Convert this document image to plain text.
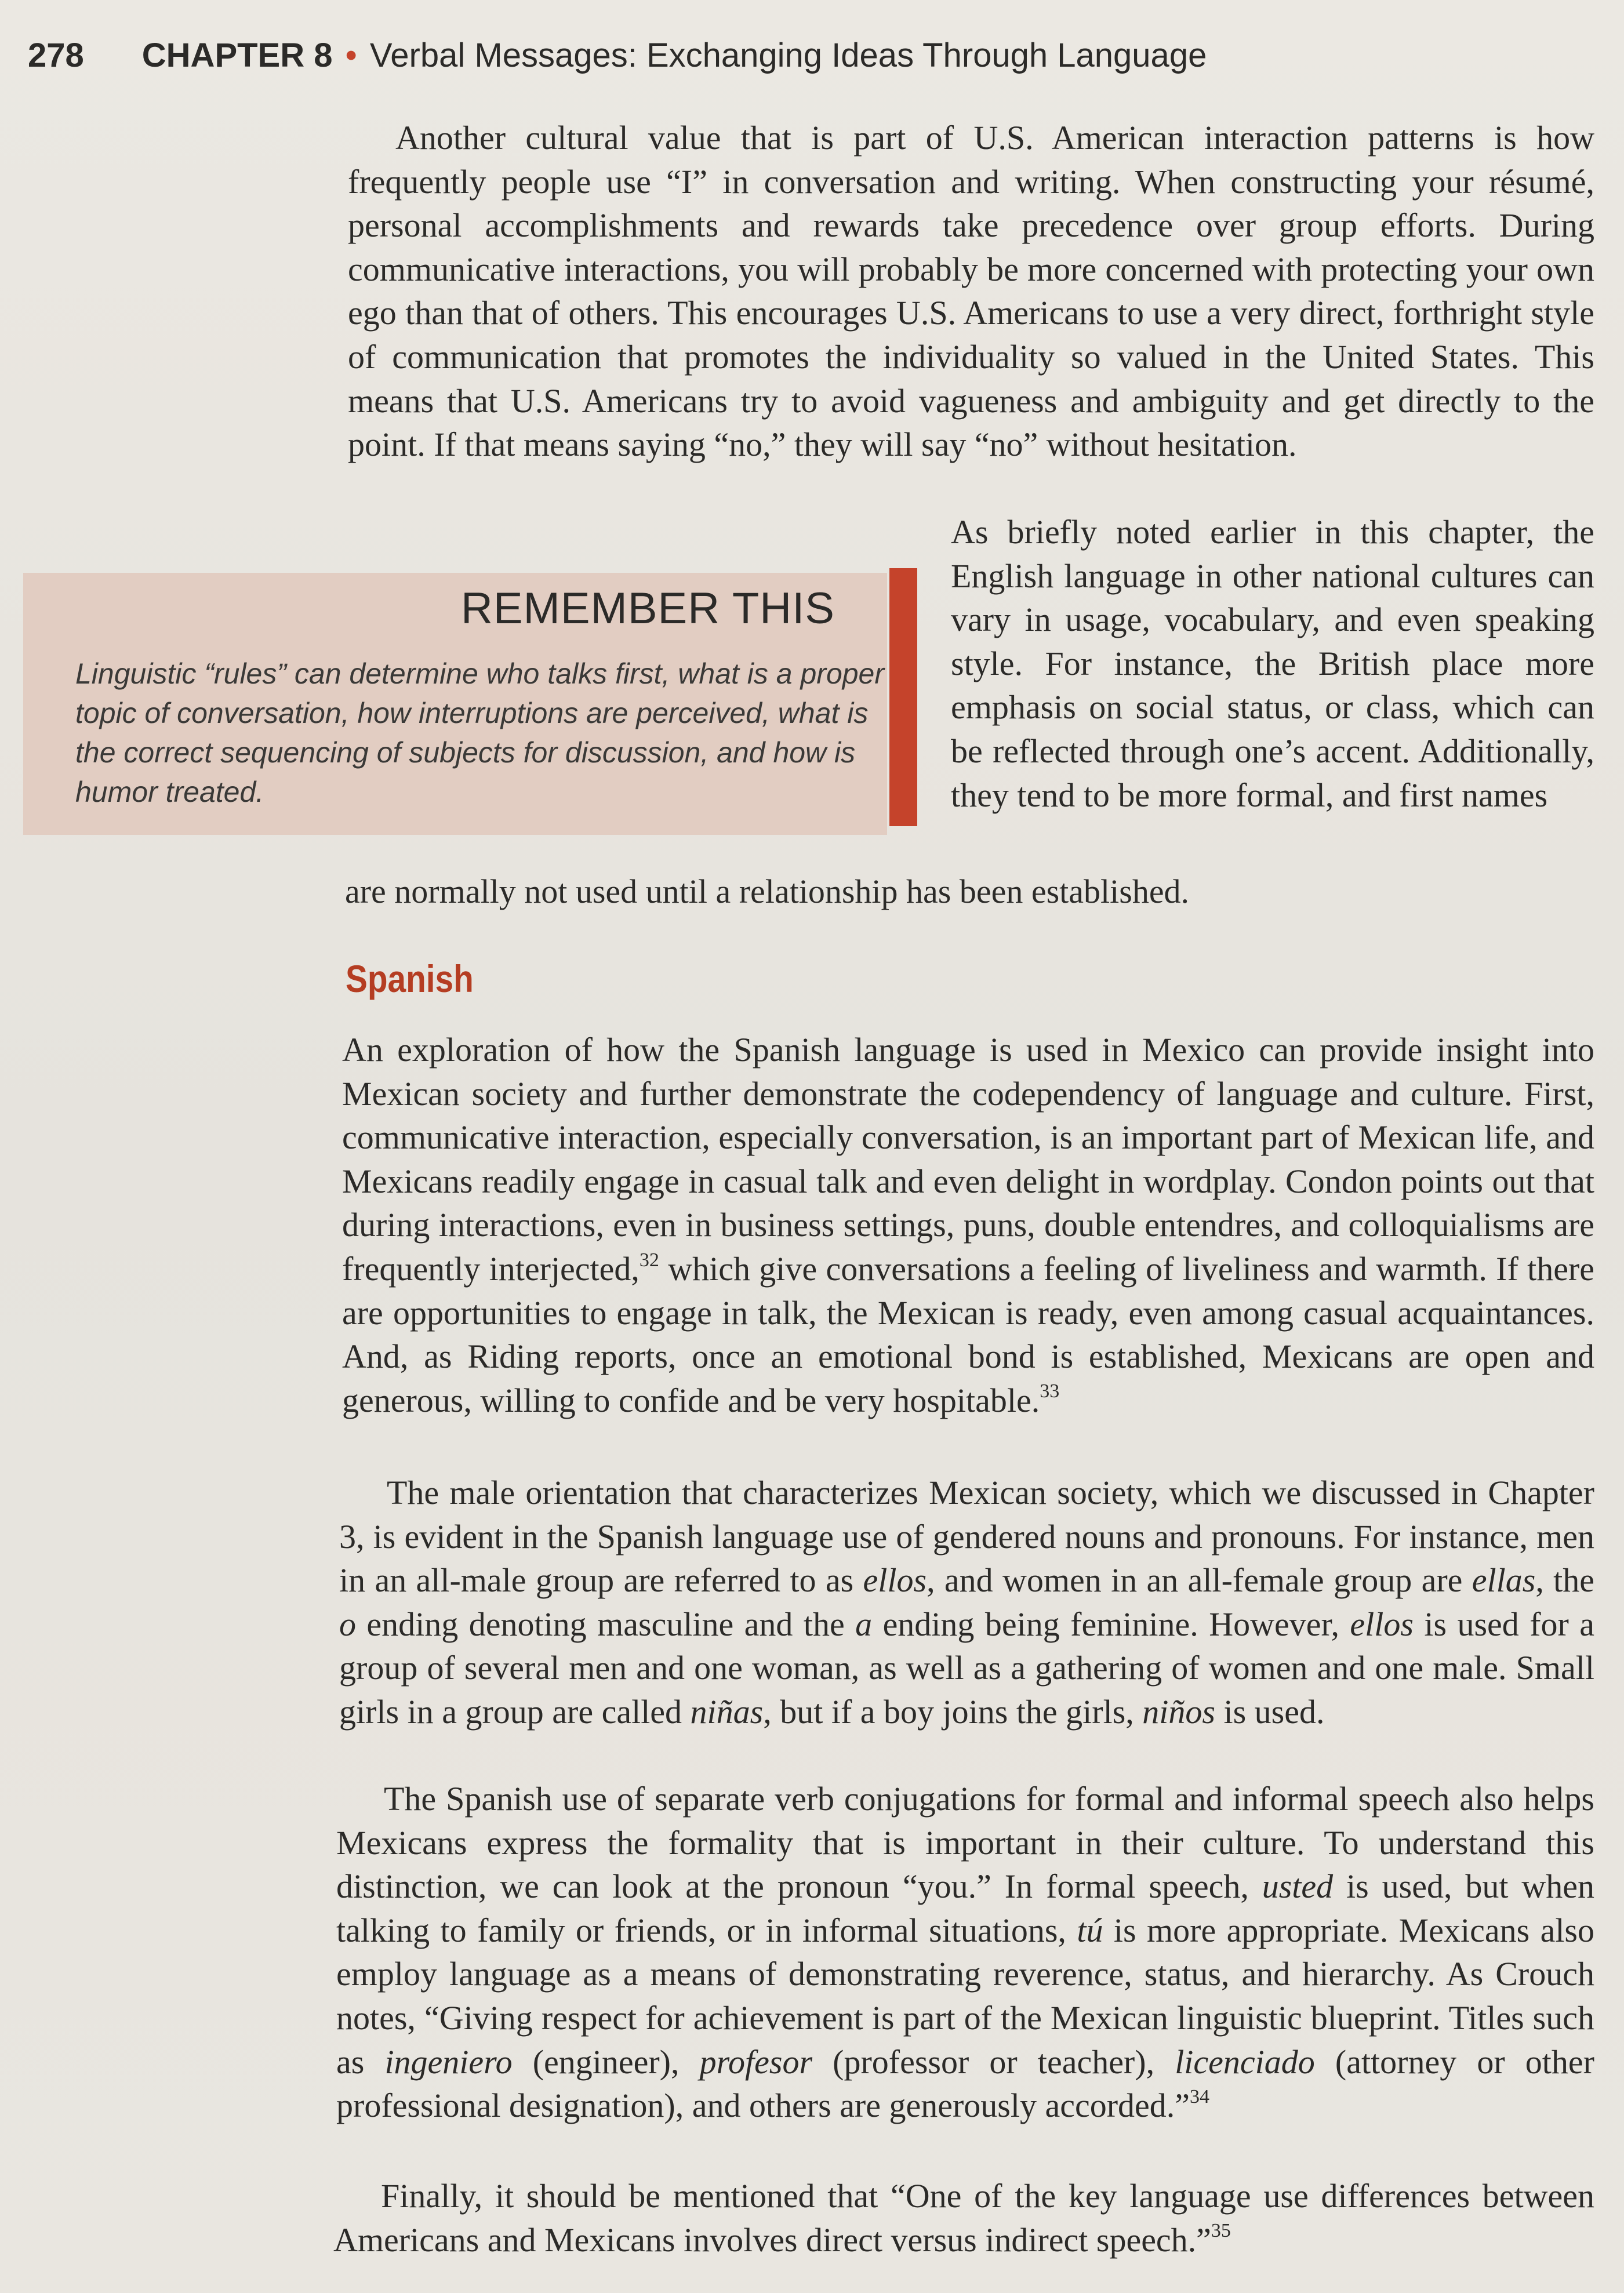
278 CHAPTER 8 • Verbal Messages: Exchanging Ideas Through Language

Another cultural value that is part of U.S. American interaction patterns is how frequently people use “I” in conversation and writing. When constructing your résumé, personal accomplishments and rewards take precedence over group efforts. During communicative interactions, you will probably be more concerned with protecting your own ego than that of others. This encourages U.S. Americans to use a very direct, forthright style of communication that promotes the individuality so valued in the United States. This means that U.S. Americans try to avoid vagueness and ambiguity and get directly to the point. If that means saying “no,” they will say “no” without hesitation.

REMEMBER THIS
Linguistic “rules” can determine who talks first, what is a proper topic of conversation, how interruptions are perceived, what is the correct sequencing of subjects for discussion, and how is humor treated.

As briefly noted earlier in this chapter, the English language in other national cultures can vary in usage, vocabulary, and even speaking style. For instance, the British place more emphasis on social status, or class, which can be reflected through one’s accent. Additionally, they tend to be more formal, and first names

are normally not used until a relationship has been established.

Spanish

An exploration of how the Spanish language is used in Mexico can provide insight into Mexican society and further demonstrate the codependency of language and culture. First, communicative interaction, especially conversation, is an important part of Mexican life, and Mexicans readily engage in casual talk and even delight in wordplay. Condon points out that during interactions, even in business settings, puns, double entendres, and colloquialisms are frequently interjected,$^{32}$ which give conversations a feeling of liveliness and warmth. If there are opportunities to engage in talk, the Mexican is ready, even among casual acquaintances. And, as Riding reports, once an emotional bond is established, Mexicans are open and generous, willing to confide and be very hospitable.$^{33}$

The male orientation that characterizes Mexican society, which we discussed in Chapter 3, is evident in the Spanish language use of gendered nouns and pronouns. For instance, men in an all-male group are referred to as ellos, and women in an all-female group are ellas, the o ending denoting masculine and the a ending being feminine. However, ellos is used for a group of several men and one woman, as well as a gathering of women and one male. Small girls in a group are called niñas, but if a boy joins the girls, niños is used.

The Spanish use of separate verb conjugations for formal and informal speech also helps Mexicans express the formality that is important in their culture. To understand this distinction, we can look at the pronoun “you.” In formal speech, usted is used, but when talking to family or friends, or in informal situations, tú is more appropriate. Mexicans also employ language as a means of demonstrating reverence, status, and hierarchy. As Crouch notes, “Giving respect for achievement is part of the Mexican linguistic blueprint. Titles such as ingeniero (engineer), profesor (professor or teacher), licenciado (attorney or other professional designation), and others are generously accorded.”$^{34}$

Finally, it should be mentioned that “One of the key language use differences between Americans and Mexicans involves direct versus indirect speech.”$^{35}$
